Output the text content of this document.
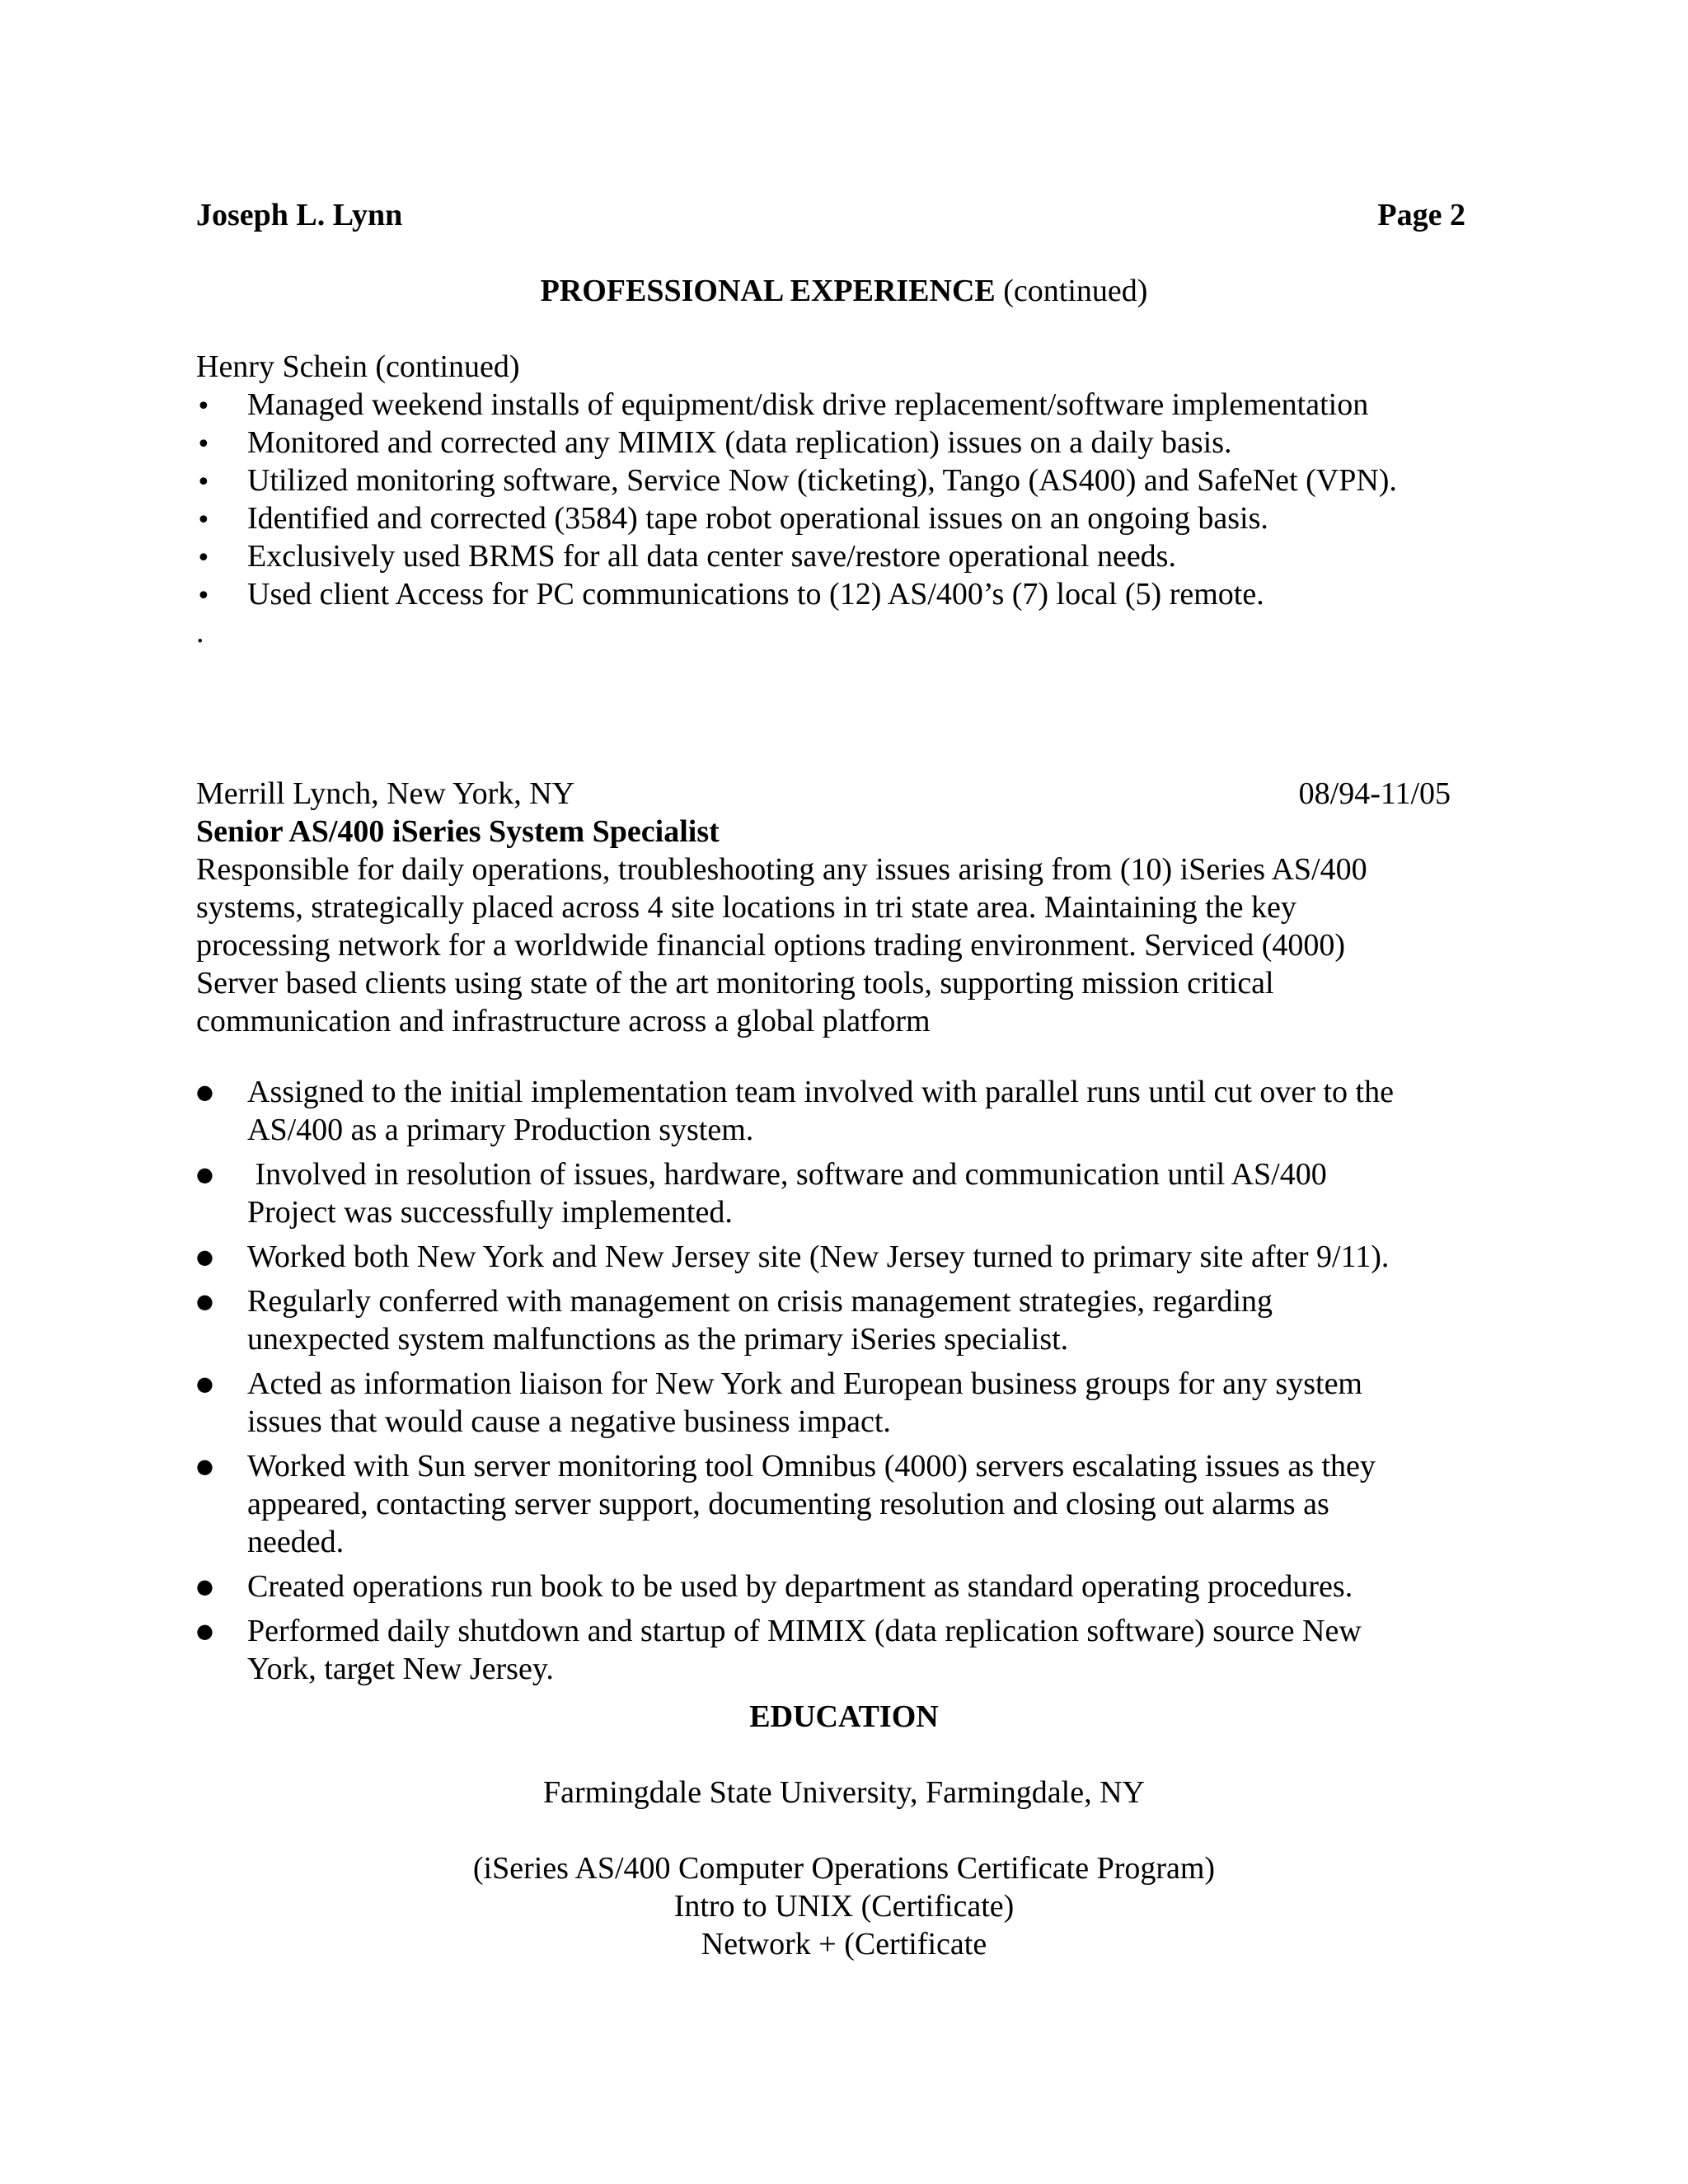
Joseph L. Lynn	Page 2
PROFESSIONAL EXPERIENCE (continued)
Henry Schein (continued)
•
Managed weekend installs of equipment/disk drive replacement/software implementation
•
Monitored and corrected any MIMIX (data replication) issues on a daily basis.
•
Utilized monitoring software, Service Now (ticketing), Tango (AS400) and SafeNet (VPN).
•
Identified and corrected (3584) tape robot operational issues on an ongoing basis.
•
Exclusively used BRMS for all data center save/restore operational needs.
•
Used client Access for PC communications to (12) AS/400’s (7) local (5) remote.
.
Merrill Lynch, New York, NY	08/94-11/05
Senior AS/400 iSeries System Specialist
Responsible for daily operations, troubleshooting any issues arising from (10) iSeries AS/400
systems, strategically placed across 4 site locations in tri state area. Maintaining the key
processing network for a worldwide financial options trading environment. Serviced (4000)
Server based clients using state of the art monitoring tools, supporting mission critical
communication and infrastructure across a global platform
●
Assigned to the initial implementation team involved with parallel runs until cut over to the
AS/400 as a primary Production system.
●
Involved in resolution of issues, hardware, software and communication until AS/400
Project was successfully implemented.
●
Worked both New York and New Jersey site (New Jersey turned to primary site after 9/11).
●
Regularly conferred with management on crisis management strategies, regarding
unexpected system malfunctions as the primary iSeries specialist.
●
Acted as information liaison for New York and European business groups for any system
issues that would cause a negative business impact.
●
Worked with Sun server monitoring tool Omnibus (4000) servers escalating issues as they
appeared, contacting server support, documenting resolution and closing out alarms as
needed.
●
Created operations run book to be used by department as standard operating procedures.
●
Performed daily shutdown and startup of MIMIX (data replication software) source New
York, target New Jersey.
EDUCATION
Farmingdale State University, Farmingdale, NY
(iSeries AS/400 Computer Operations Certificate Program)
Intro to UNIX (Certificate)
Network + (Certificate
